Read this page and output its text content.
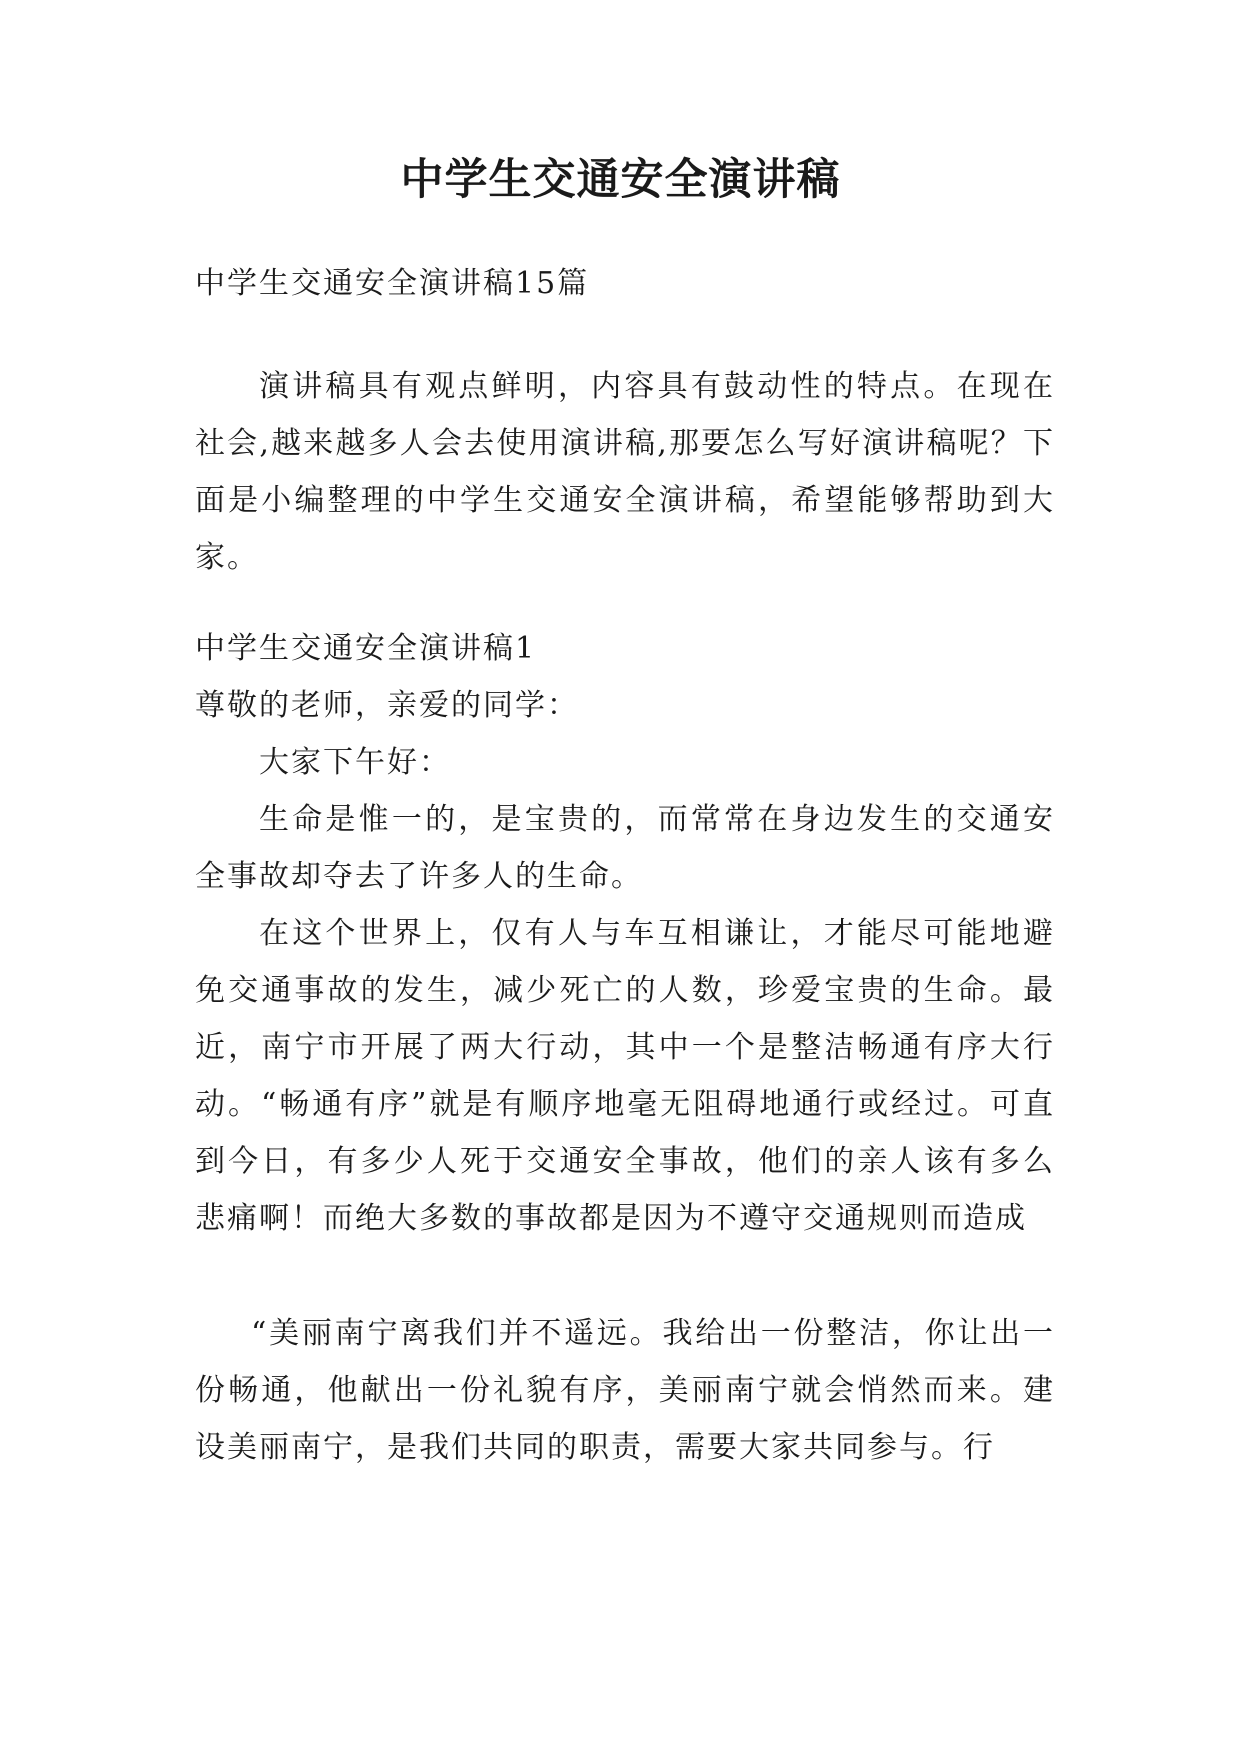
中学生交通安全演讲稿

中学生交通安全演讲稿15篇

演讲稿具有观点鲜明，内容具有鼓动性的特点。在现在社会,越来越多人会去使用演讲稿,那要怎么写好演讲稿呢？下面是小编整理的中学生交通安全演讲稿，希望能够帮助到大家。

中学生交通安全演讲稿1

尊敬的老师，亲爱的同学：

大家下午好：

生命是惟一的，是宝贵的，而常常在身边发生的交通安全事故却夺去了许多人的生命。

在这个世界上，仅有人与车互相谦让，才能尽可能地避免交通事故的发生，减少死亡的人数，珍爱宝贵的生命。最近，南宁市开展了两大行动，其中一个是整洁畅通有序大行动。“畅通有序”就是有顺序地毫无阻碍地通行或经过。可直到今日，有多少人死于交通安全事故，他们的亲人该有多么悲痛啊！而绝大多数的事故都是因为不遵守交通规则而造成

“美丽南宁离我们并不遥远。我给出一份整洁，你让出一份畅通，他献出一份礼貌有序，美丽南宁就会悄然而来。建设美丽南宁，是我们共同的职责，需要大家共同参与。行
